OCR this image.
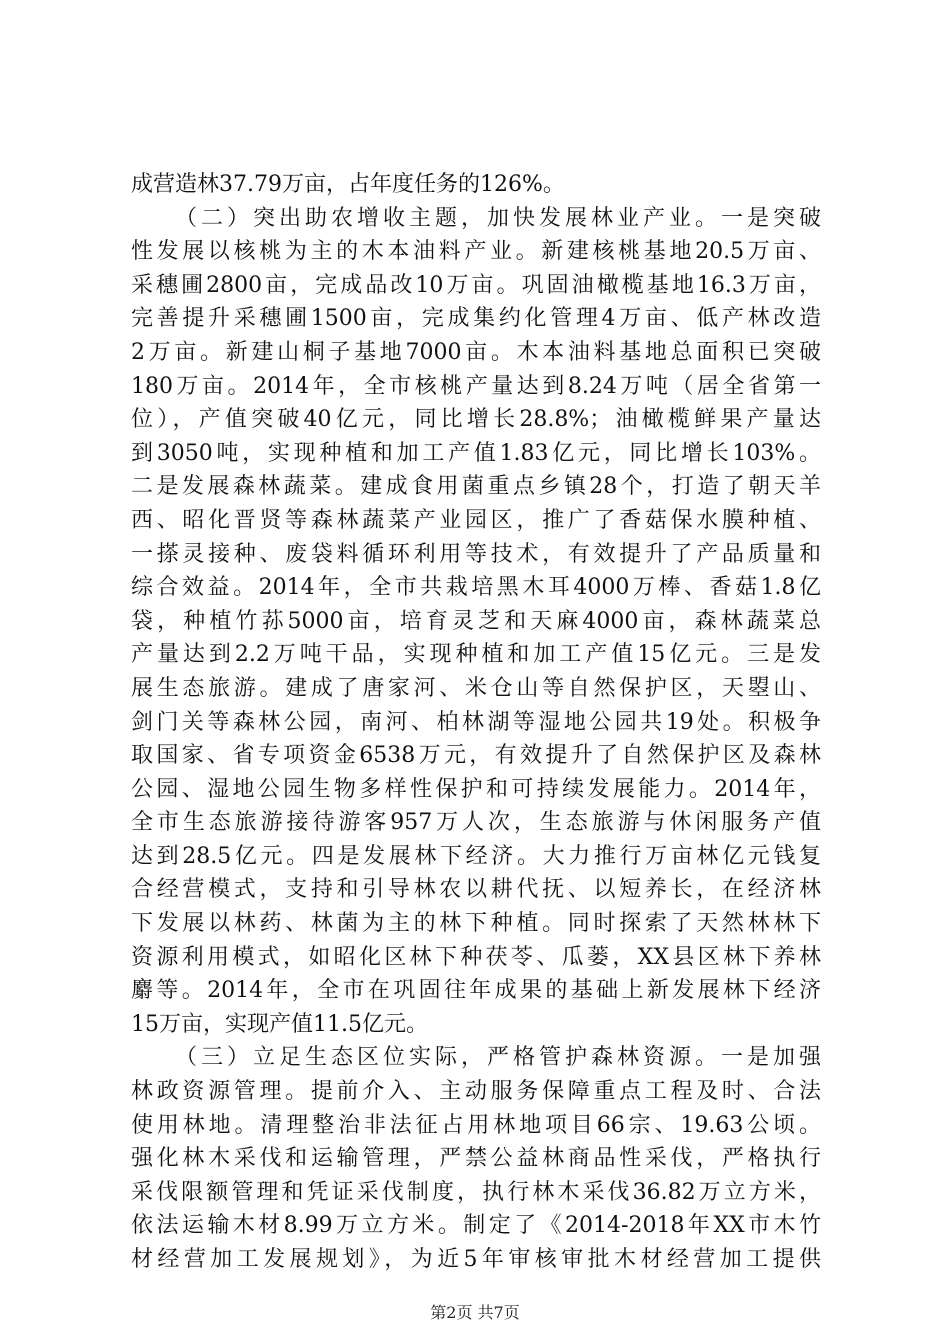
成营造林37.79万亩，占年度任务的126%。
（二）突出助农增收主题，加快发展林业产业。一是突破
性发展以核桃为主的木本油料产业。新建核桃基地20.5万亩、
采穗圃2800亩，完成品改10万亩。巩固油橄榄基地16.3万亩，
完善提升采穗圃1500亩，完成集约化管理4万亩、低产林改造
2万亩。新建山桐子基地7000亩。木本油料基地总面积已突破
180万亩。2014年，全市核桃产量达到8.24万吨（居全省第一
位），产值突破40亿元，同比增长28.8%；油橄榄鲜果产量达
到3050吨，实现种植和加工产值1.83亿元，同比增长103%。
二是发展森林蔬菜。建成食用菌重点乡镇28个，打造了朝天羊
西、昭化晋贤等森林蔬菜产业园区，推广了香菇保水膜种植、
一搽灵接种、废袋料循环利用等技术，有效提升了产品质量和
综合效益。2014年，全市共栽培黑木耳4000万棒、香菇1.8亿
袋，种植竹荪5000亩，培育灵芝和天麻4000亩，森林蔬菜总
产量达到2.2万吨干品，实现种植和加工产值15亿元。三是发
展生态旅游。建成了唐家河、米仓山等自然保护区，天曌山、
剑门关等森林公园，南河、柏林湖等湿地公园共19处。积极争
取国家、省专项资金6538万元，有效提升了自然保护区及森林
公园、湿地公园生物多样性保护和可持续发展能力。2014年，
全市生态旅游接待游客957万人次，生态旅游与休闲服务产值
达到28.5亿元。四是发展林下经济。大力推行万亩林亿元钱复
合经营模式，支持和引导林农以耕代抚、以短养长，在经济林
下发展以林药、林菌为主的林下种植。同时探索了天然林林下
资源利用模式，如昭化区林下种茯苓、瓜蒌，XX县区林下养林
麝等。2014年，全市在巩固往年成果的基础上新发展林下经济
15万亩，实现产值11.5亿元。
（三）立足生态区位实际，严格管护森林资源。一是加强
林政资源管理。提前介入、主动服务保障重点工程及时、合法
使用林地。清理整治非法征占用林地项目66宗、19.63公顷。
强化林木采伐和运输管理，严禁公益林商品性采伐，严格执行
采伐限额管理和凭证采伐制度，执行林木采伐36.82万立方米，
依法运输木材8.99万立方米。制定了《2014-2018年XX市木竹
材经营加工发展规划》，为近5年审核审批木材经营加工提供
第2页 共7页
